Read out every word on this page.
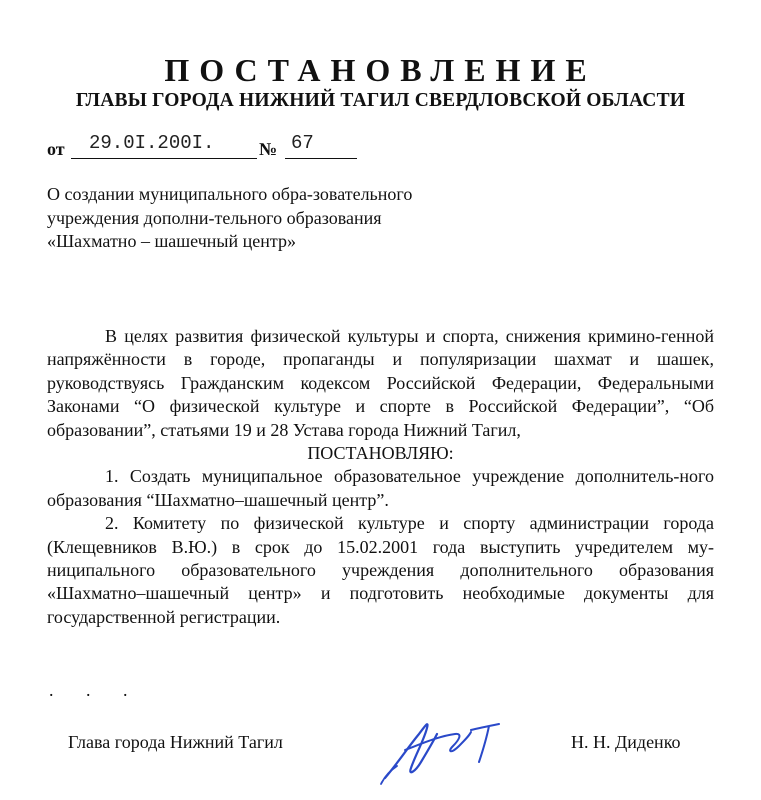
ПОСТАНОВЛЕНИЕ
ГЛАВЫ ГОРОДА НИЖНИЙ ТАГИЛ СВЕРДЛОВСКОЙ ОБЛАСТИ
от 29.0I.200I. № 67
О создании муниципального обра-зовательного учреждения дополни-тельного образования «Шахматно – шашечный центр»

В целях развития физической культуры и спорта, снижения кримино-генной напряжённости в городе, пропаганды и популяризации шахмат и шашек, руководствуясь Гражданским кодексом Российской Федерации, Федеральными Законами “О физической культуре и спорте в Российской Федерации”, “Об образовании”, статьями 19 и 28 Устава города Нижний Тагил,

ПОСТАНОВЛЯЮ:

1. Создать муниципальное образовательное учреждение дополнитель-ного образования “Шахматно–шашечный центр”.

2. Комитету по физической культуре и спорту администрации города (Клещевников В.Ю.) в срок до 15.02.2001 года выступить учредителем му-ниципального образовательного учреждения дополнительного образования «Шахматно–шашечный центр» и подготовить необходимые документы для государственной регистрации.

. . .
Глава города Нижний Тагил	Н. Н. Диденко
